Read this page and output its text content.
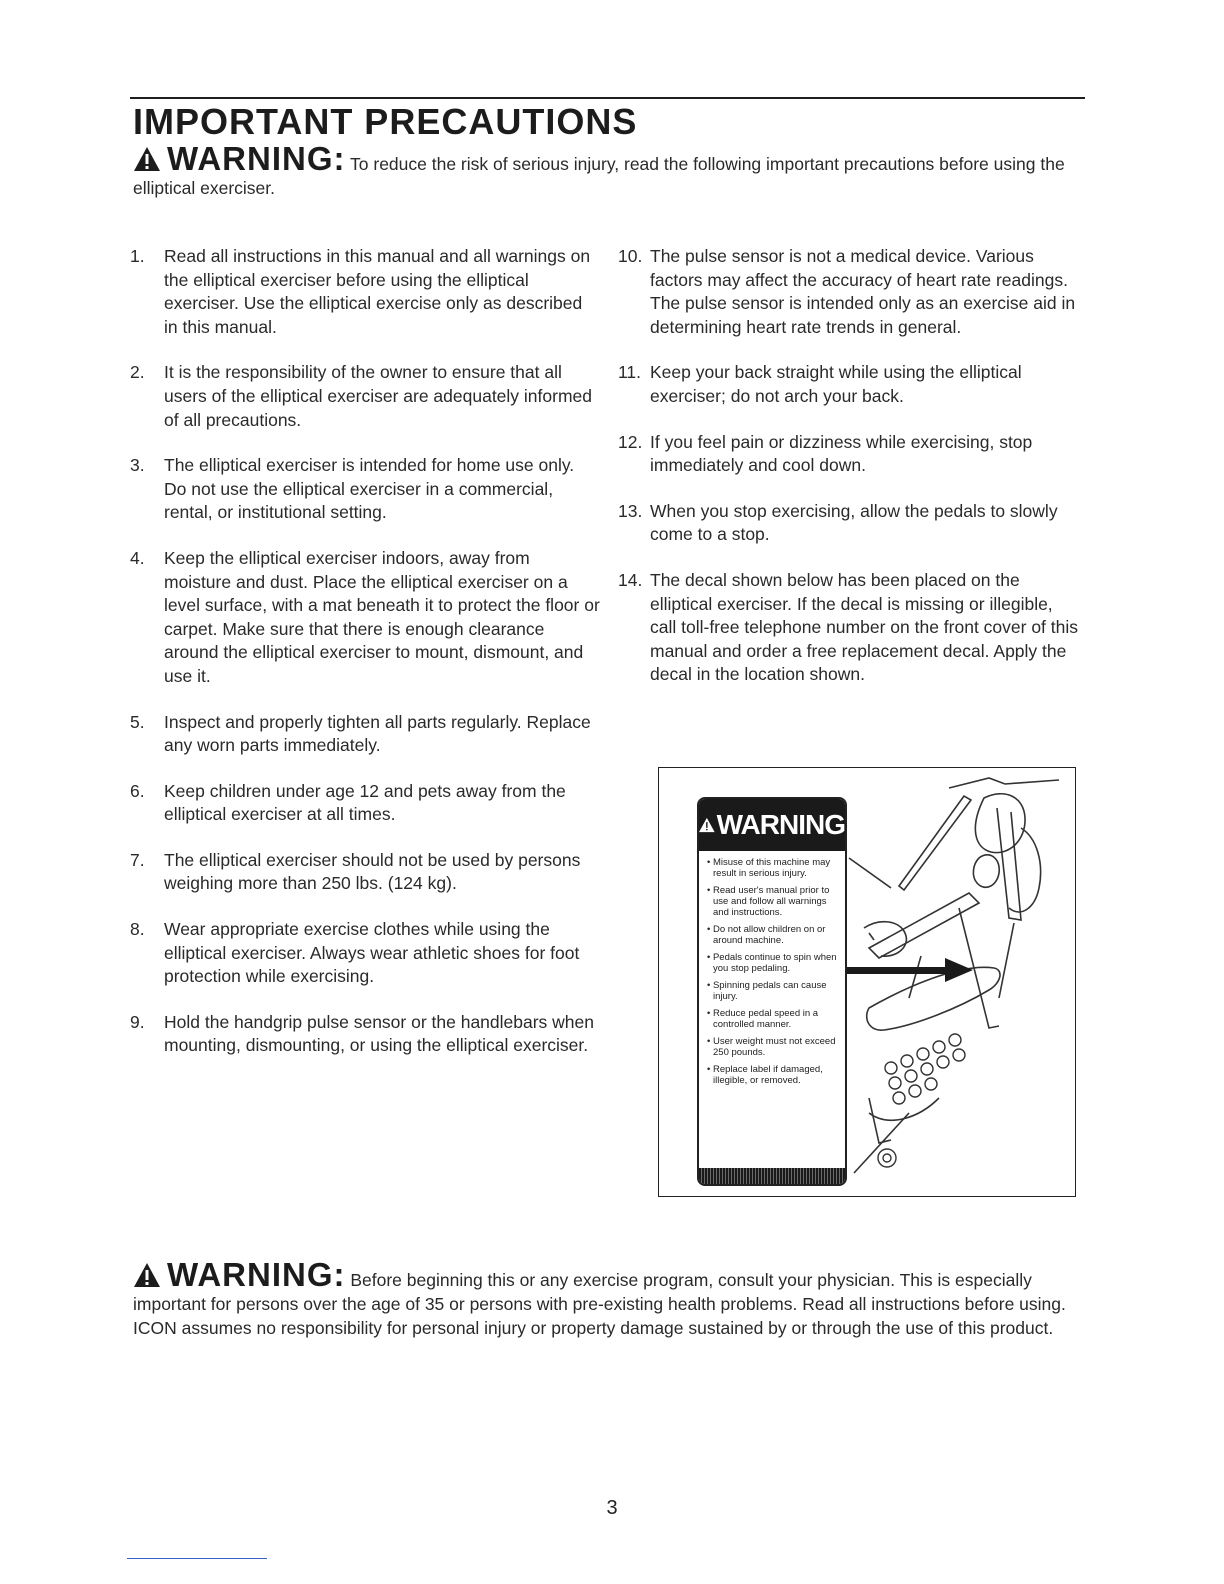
IMPORTANT PRECAUTIONS
WARNING: To reduce the risk of serious injury, read the following important precautions before using the elliptical exerciser.
1.	Read all instructions in this manual and all warnings on the elliptical exerciser before using the elliptical exerciser. Use the elliptical exercise only as described in this manual.
2.	It is the responsibility of the owner to ensure that all users of the elliptical exerciser are adequately informed of all precautions.
3.	The elliptical exerciser is intended for home use only. Do not use the elliptical exerciser in a commercial, rental, or institutional setting.
4.	Keep the elliptical exerciser indoors, away from moisture and dust. Place the elliptical exerciser on a level surface, with a mat beneath it to protect the floor or carpet. Make sure that there is enough clearance around the elliptical exerciser to mount, dismount, and use it.
5.	Inspect and properly tighten all parts regularly. Replace any worn parts immediately.
6.	Keep children under age 12 and pets away from the elliptical exerciser at all times.
7.	The elliptical exerciser should not be used by persons weighing more than 250 lbs. (124 kg).
8.	Wear appropriate exercise clothes while using the elliptical exerciser. Always wear athletic shoes for foot protection while exercising.
9.	Hold the handgrip pulse sensor or the handlebars when mounting, dismounting, or using the elliptical exerciser.
10. The pulse sensor is not a medical device. Various factors may affect the accuracy of heart rate readings. The pulse sensor is intended only as an exercise aid in determining heart rate trends in general.
11. Keep your back straight while using the elliptical exerciser; do not arch your back.
12. If you feel pain or dizziness while exercising, stop immediately and cool down.
13. When you stop exercising, allow the pedals to slowly come to a stop.
14. The decal shown below has been placed on the elliptical exerciser. If the decal is missing or illegible, call toll-free telephone number on the front cover of this manual and order a free replacement decal. Apply the decal in the location shown.
WARNING
• Misuse of this machine may result in serious injury.
• Read user's manual prior to use and follow all warnings and instructions.
• Do not allow children on or around machine.
• Pedals continue to spin when you stop pedaling.
• Spinning pedals can cause injury.
• Reduce pedal speed in a controlled manner.
• User weight must not exceed 250 pounds.
• Replace label if damaged, illegible, or removed.
WARNING: Before beginning this or any exercise program, consult your physician. This is especially important for persons over the age of 35 or persons with pre-existing health problems. Read all instructions before using. ICON assumes no responsibility for personal injury or property damage sustained by or through the use of this product.
3
